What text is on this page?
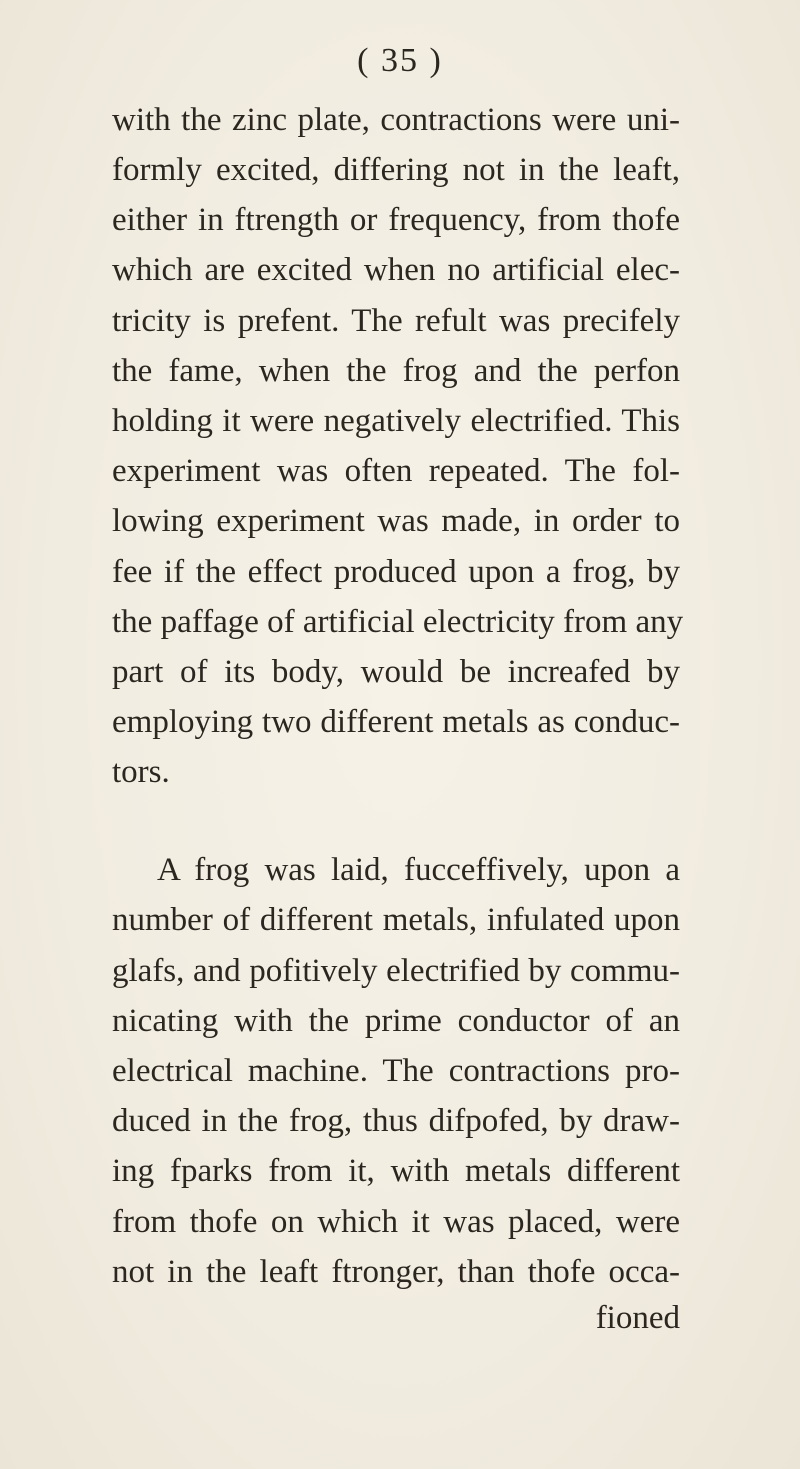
( 35 )
with the zinc plate, contractions were uni-
formly excited, differing not in the leaft,
either in ftrength or frequency, from thofe
which are excited when no artificial elec-
tricity is prefent. The refult was precifely
the fame, when the frog and the perfon
holding it were negatively electrified. This
experiment was often repeated. The fol-
lowing experiment was made, in order to
fee if the effect produced upon a frog, by
the paffage of artificial electricity from any
part of its body, would be increafed by
employing two different metals as conduc-
tors.
A frog was laid, fucceffively, upon a
number of different metals, infulated upon
glafs, and pofitively electrified by commu-
nicating with the prime conductor of an
electrical machine. The contractions pro-
duced in the frog, thus difpofed, by draw-
ing fparks from it, with metals different
from thofe on which it was placed, were
not in the leaft ftronger, than thofe occa-
fioned
